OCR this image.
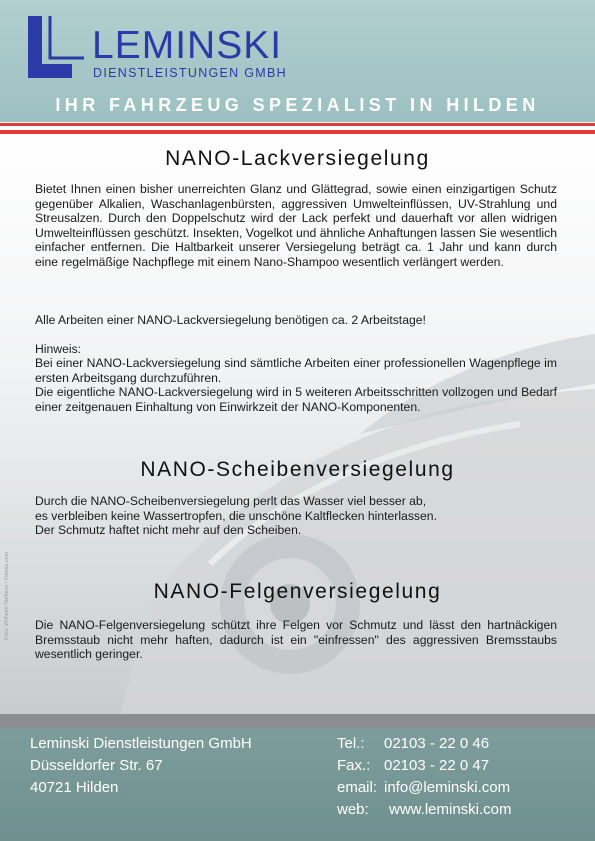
LEMINSKI
DIENSTLEISTUNGEN GMBH
IHR FAHRZEUG SPEZIALIST IN HILDEN
NANO-Lackversiegelung
Bietet Ihnen einen bisher unerreichten Glanz und Glättegrad, sowie einen einzigartigen Schutz gegenüber Alkalien, Waschanlagenbürsten, aggressiven Umwelteinflüssen, UV-Strahlung und Streusalzen. Durch den Doppelschutz wird der Lack perfekt und dauerhaft vor allen widrigen Umwelteinflüssen geschützt. Insekten, Vogelkot und ähnliche Anhaftungen lassen Sie wesentlich einfacher entfernen. Die Haltbarkeit unserer Versiegelung beträgt ca. 1 Jahr und kann durch eine regelmäßige Nachpflege mit einem Nano-Shampoo wesentlich verlängert werden.
Alle Arbeiten einer NANO-Lackversiegelung benötigen ca. 2 Arbeitstage!
Hinweis:
Bei einer NANO-Lackversiegelung sind sämtliche Arbeiten einer professionellen Wagenpflege im ersten Arbeitsgang durchzuführen.
Die eigentliche NANO-Lackversiegelung wird in 5 weiteren Arbeitsschritten vollzogen und Bedarf einer zeitgenauen Einhaltung von Einwirkzeit der NANO-Komponenten.
NANO-Scheibenversiegelung
Durch die NANO-Scheibenversiegelung perlt das Wasser viel besser ab,
es verbleiben keine Wassertropfen, die unschöne Kaltflecken hinterlassen.
Der Schmutz haftet nicht mehr auf den Scheiben.
NANO-Felgenversiegelung
Die NANO-Felgenversiegelung schützt ihre Felgen vor Schmutz und lässt den hartnäckigen Bremsstaub nicht mehr haften, dadurch ist ein "einfressen" des aggressiven Bremsstaubs wesentlich geringer.
Foto: Wilhelm Steffens / Fotolia.com
Leminski Dienstleistungen GmbH
Düsseldorfer Str. 67
40721 Hilden
Tel.: 02103 - 22 0 46
Fax.: 02103 - 22 0 47
email: info@leminski.com
web: www.leminski.com
